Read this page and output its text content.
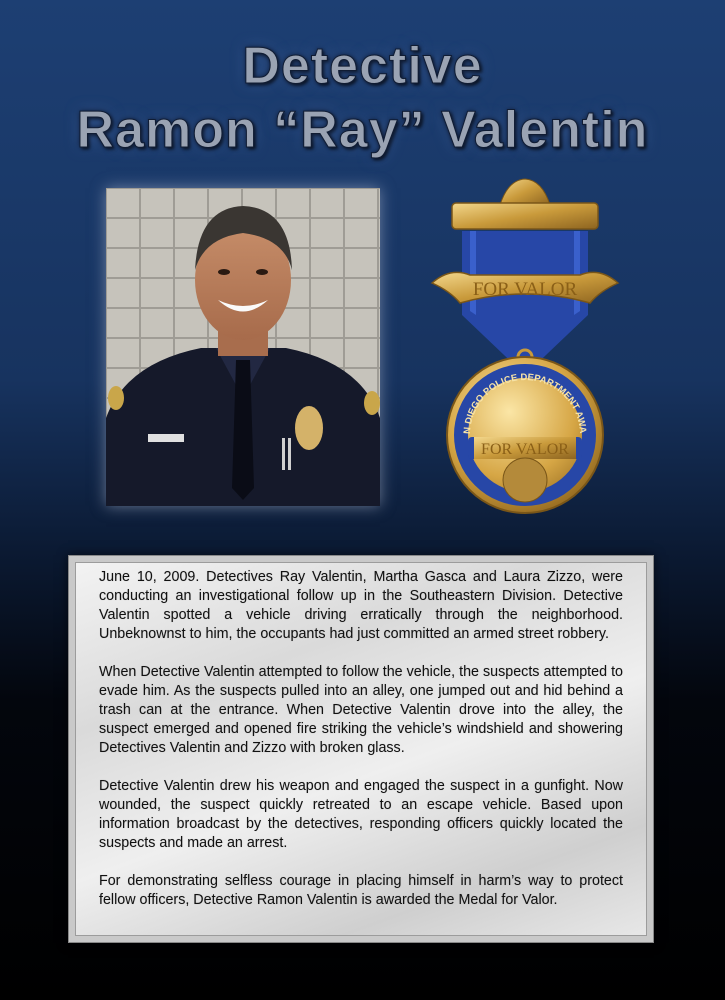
Detective
Ramon “Ray” Valentin
FOR VALOR
N DIEGO POLICE DEPARTMENT AWA
FOR VALOR

June 10, 2009. Detectives Ray Valentin, Martha Gasca and Laura Zizzo, were conducting an investigational follow up in the Southeastern Division. Detective Valentin spotted a vehicle driving erratically through the neighborhood. Unbeknownst to him, the occupants had just committed an armed street robbery.

When Detective Valentin attempted to follow the vehicle, the suspects attempted to evade him. As the suspects pulled into an alley, one jumped out and hid behind a trash can at the entrance. When Detective Valentin drove into the alley, the suspect emerged and opened fire striking the vehicle’s windshield and showering Detectives Valentin and Zizzo with broken glass.

Detective Valentin drew his weapon and engaged the suspect in a gunfight. Now wounded, the suspect quickly retreated to an escape vehicle. Based upon information broadcast by the detectives, responding officers quickly located the suspects and made an arrest.

For demonstrating selfless courage in placing himself in harm’s way to protect fellow officers, Detective Ramon Valentin is awarded the Medal for Valor.
